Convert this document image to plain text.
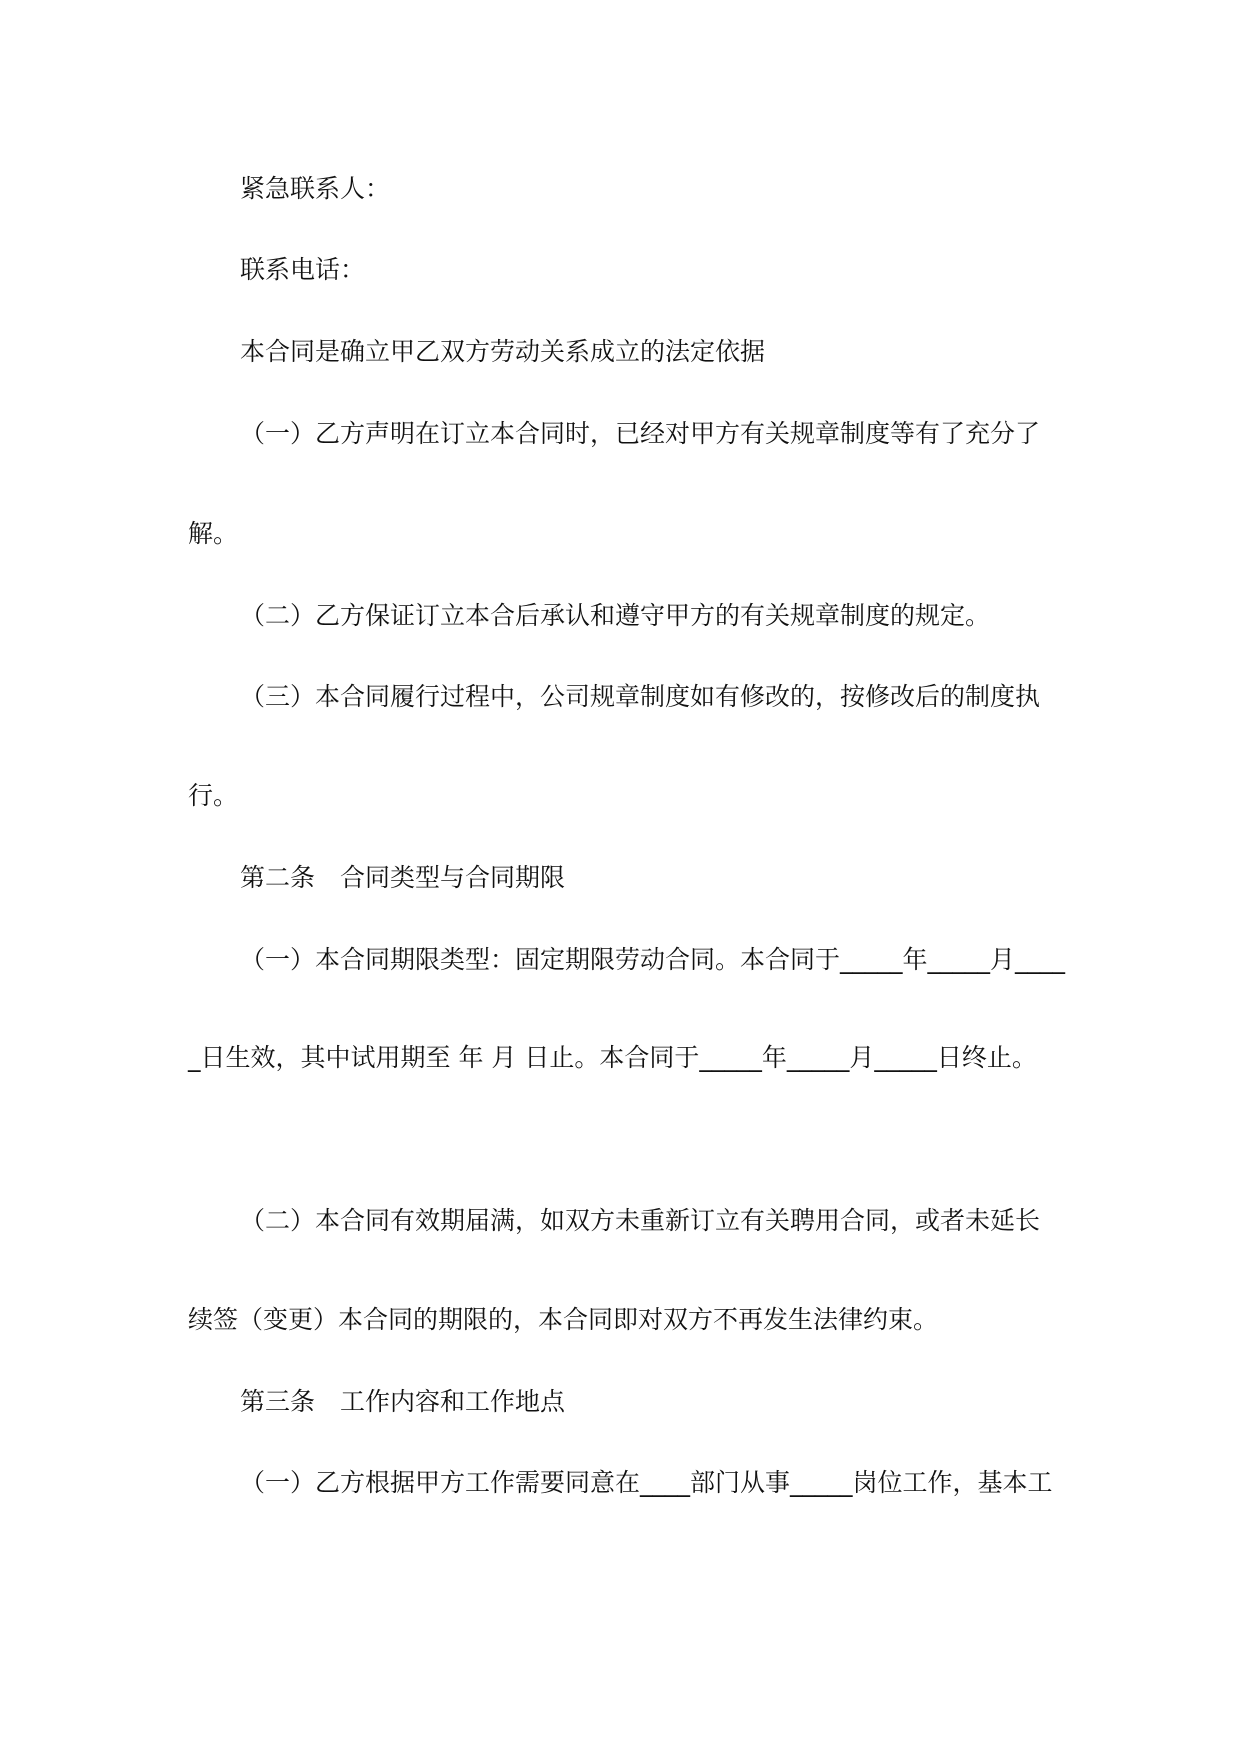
紧急联系人：
联系电话：
本合同是确立甲乙双方劳动关系成立的法定依据
（一）乙方声明在订立本合同时，已经对甲方有关规章制度等有了充分了
解。
（二）乙方保证订立本合后承认和遵守甲方的有关规章制度的规定。
（三）本合同履行过程中，公司规章制度如有修改的，按修改后的制度执
行。
第二条　合同类型与合同期限
（一）本合同期限类型：固定期限劳动合同。本合同于_____年_____月____
_日生效，其中试用期至 年 月 日止。本合同于_____年_____月_____日终止。
（二）本合同有效期届满，如双方未重新订立有关聘用合同，或者未延长
续签（变更）本合同的期限的，本合同即对双方不再发生法律约束。
第三条　工作内容和工作地点
（一）乙方根据甲方工作需要同意在____部门从事_____岗位工作，基本工
